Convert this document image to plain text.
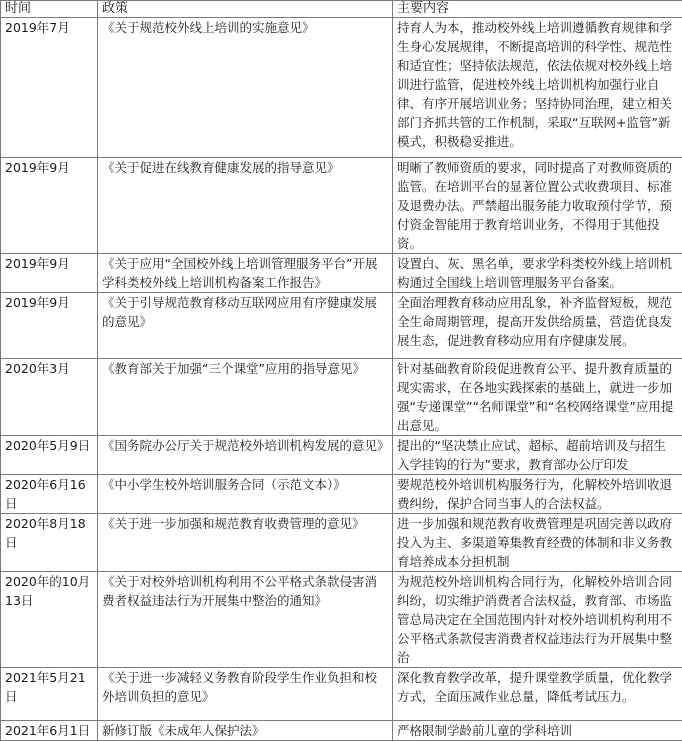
时间	政策	主要内容
2019年7月	《关于规范校外线上培训的实施意见》	持育人为本，推动校外线上培训遵循教育规律和学生身心发展规律，不断提高培训的科学性、规范性和适宜性；坚持依法规范，依法依规对校外线上培训进行监管，促进校外线上培训机构加强行业自律、有序开展培训业务；坚持协同治理，建立相关部门齐抓共管的工作机制，采取“互联网+监管”新模式，积极稳妥推进。
2019年9月	《关于促进在线教育健康发展的指导意见》	明晰了教师资质的要求，同时提高了对教师资质的监管。在培训平台的显著位置公式收费项目、标准及退费办法。严禁超出服务能力收取预付学节，预付资金智能用于教育培训业务，不得用于其他投资。
2019年9月	《关于应用“全国校外线上培训管理服务平台”开展学科类校外线上培训机构备案工作报告》	设置白、灰、黑名单，要求学科类校外线上培训机构通过全国线上培训管理服务平台备案。
2019年9月	《关于引导规范教育移动互联网应用有序健康发展的意见》	全面治理教育移动应用乱象，补齐监督短板，规范全生命周期管理，提高开发供给质量，营造优良发展生态，促进教育移动应用有序健康发展。
2020年3月	《教育部关于加强“三个课堂”应用的指导意见》	针对基础教育阶段促进教育公平、提升教育质量的现实需求，在各地实践探索的基础上，就进一步加强“专递课堂”“名师课堂”和“名校网络课堂”应用提出意见。
2020年5月9日	《国务院办公厅关于规范校外培训机构发展的意见》	提出的“坚决禁止应试、超标、超前培训及与招生入学挂钩的行为”要求，教育部办公厅印发
2020年6月16日	《中小学生校外培训服务合同（示范文本）》	要规范校外培训机构服务行为，化解校外培训收退费纠纷，保护合同当事人的合法权益。
2020年8月18日	《关于进一步加强和规范教育收费管理的意见》	进一步加强和规范教育收费管理是巩固完善以政府投入为主、多渠道筹集教育经费的体制和非义务教育培养成本分担机制
2020年的10月13日	《关于对校外培训机构利用不公平格式条款侵害消费者权益违法行为开展集中整治的通知》	为规范校外培训机构合同行为，化解校外培训合同纠纷，切实维护消费者合法权益，教育部、市场监管总局决定在全国范围内针对校外培训机构利用不公平格式条款侵害消费者权益违法行为开展集中整治
2021年5月21日	《关于进一步减轻义务教育阶段学生作业负担和校外培训负担的意见》	深化教育教学改革，提升课堂教学质量，优化教学方式，全面压减作业总量，降低考试压力。
2021年6月1日	新修订版《未成年人保护法》	严格限制学龄前儿童的学科培训
